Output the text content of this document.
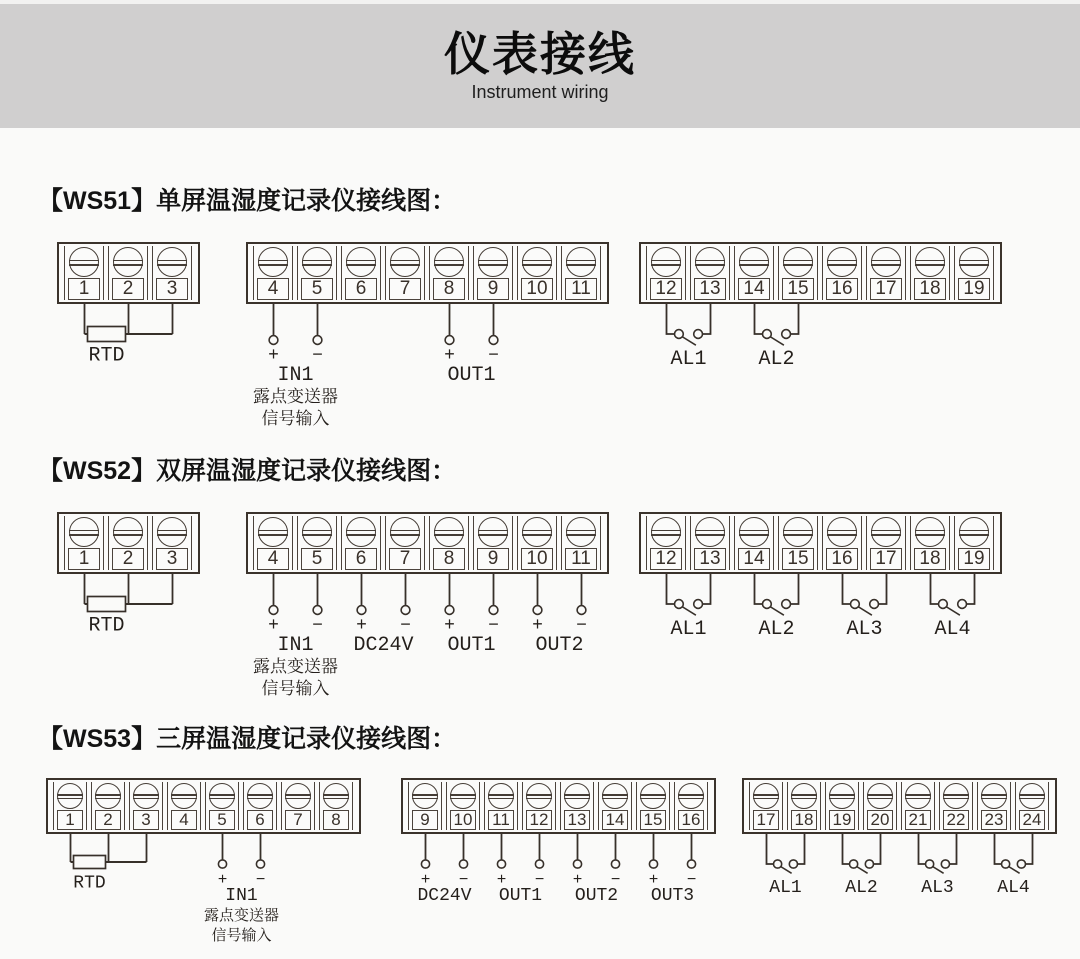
仪表接线
Instrument wiring
【WS51】单屏温湿度记录仪接线图：
1	2	3
RTD
4	5	6	7	8	9	10	11
+ −
IN1
露点变送器
信号输入
+ −
OUT1
12 13 14 15 16 17 18 19
AL1	AL2
【WS52】双屏温湿度记录仪接线图：
1	2	3
RTD
4	5	6	7	8	9	10	11
+ −
IN1
露点变送器
信号输入
+ −
DC24V
+ −
OUT1
+ −
OUT2
12 13 14 15 16 17 18 19
AL1	AL2	AL3	AL4
【WS53】三屏温湿度记录仪接线图：
1	2	3	4	5	6	7	8
RTD	+ −
IN1
露点变送器
信号输入
9	10 11 12 13 14 15 16
+ −
DC24V
+ −
OUT1
+ −
OUT2
+ −
OUT3
17 18 19 20 21 22 23 24
AL1 AL2 AL3 AL4
